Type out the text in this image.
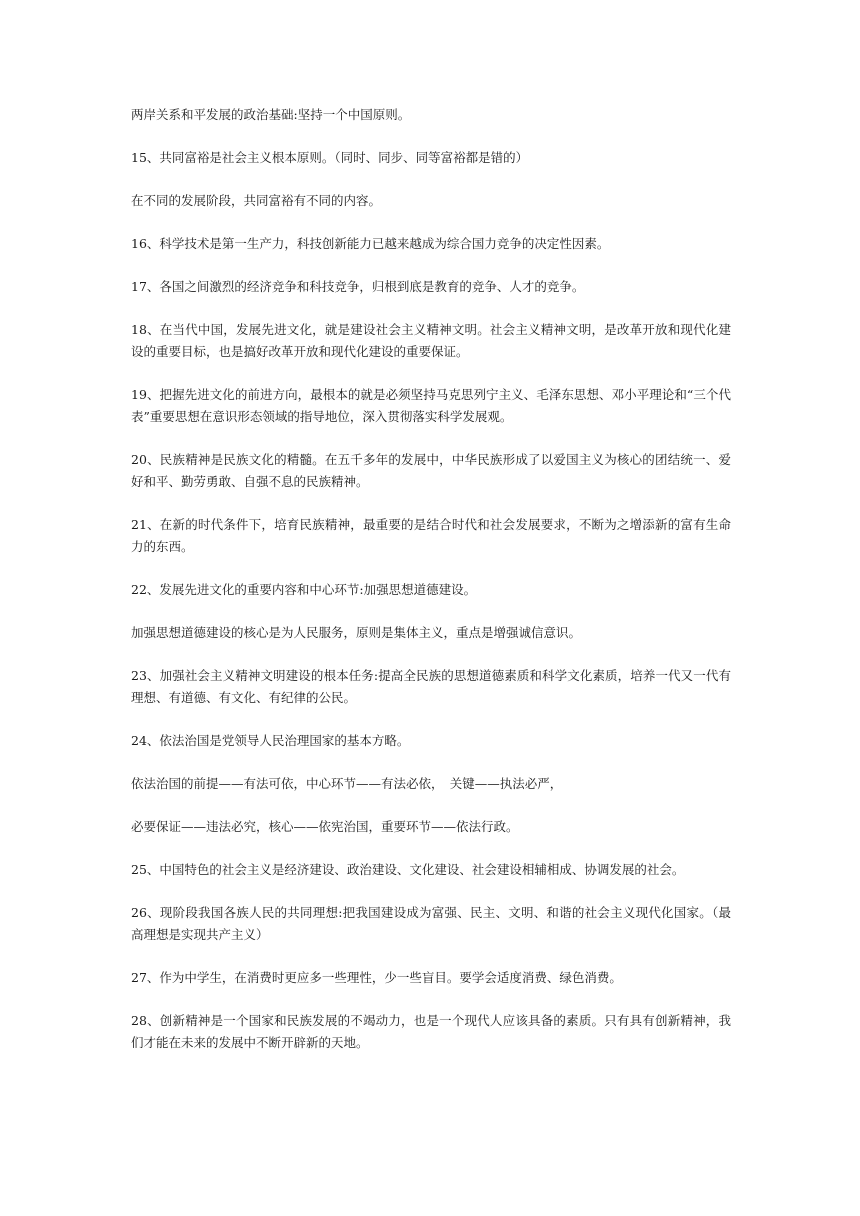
两岸关系和平发展的政治基础:坚持一个中国原则。

15、共同富裕是社会主义根本原则。（同时、同步、同等富裕都是错的）

在不同的发展阶段，共同富裕有不同的内容。

16、科学技术是第一生产力，科技创新能力已越来越成为综合国力竞争的决定性因素。

17、各国之间激烈的经济竞争和科技竞争，归根到底是教育的竞争、人才的竞争。

18、在当代中国，发展先进文化，就是建设社会主义精神文明。社会主义精神文明，是改革开放和现代化建设的重要目标，也是搞好改革开放和现代化建设的重要保证。

19、把握先进文化的前进方向，最根本的就是必须坚持马克思列宁主义、毛泽东思想、邓小平理论和“三个代表”重要思想在意识形态领域的指导地位，深入贯彻落实科学发展观。

20、民族精神是民族文化的精髓。在五千多年的发展中，中华民族形成了以爱国主义为核心的团结统一、爱好和平、勤劳勇敢、自强不息的民族精神。

21、在新的时代条件下，培育民族精神，最重要的是结合时代和社会发展要求，不断为之增添新的富有生命力的东西。

22、发展先进文化的重要内容和中心环节:加强思想道德建设。

加强思想道德建设的核心是为人民服务，原则是集体主义，重点是增强诚信意识。

23、加强社会主义精神文明建设的根本任务:提高全民族的思想道德素质和科学文化素质，培养一代又一代有理想、有道德、有文化、有纪律的公民。

24、依法治国是党领导人民治理国家的基本方略。

依法治国的前提——有法可依，中心环节——有法必依，　关键——执法必严，

必要保证——违法必究，核心——依宪治国，重要环节——依法行政。

25、中国特色的社会主义是经济建设、政治建设、文化建设、社会建设相辅相成、协调发展的社会。

26、现阶段我国各族人民的共同理想:把我国建设成为富强、民主、文明、和谐的社会主义现代化国家。（最高理想是实现共产主义）

27、作为中学生，在消费时更应多一些理性，少一些盲目。要学会适度消费、绿色消费。

28、创新精神是一个国家和民族发展的不竭动力，也是一个现代人应该具备的素质。只有具有创新精神，我们才能在未来的发展中不断开辟新的天地。
